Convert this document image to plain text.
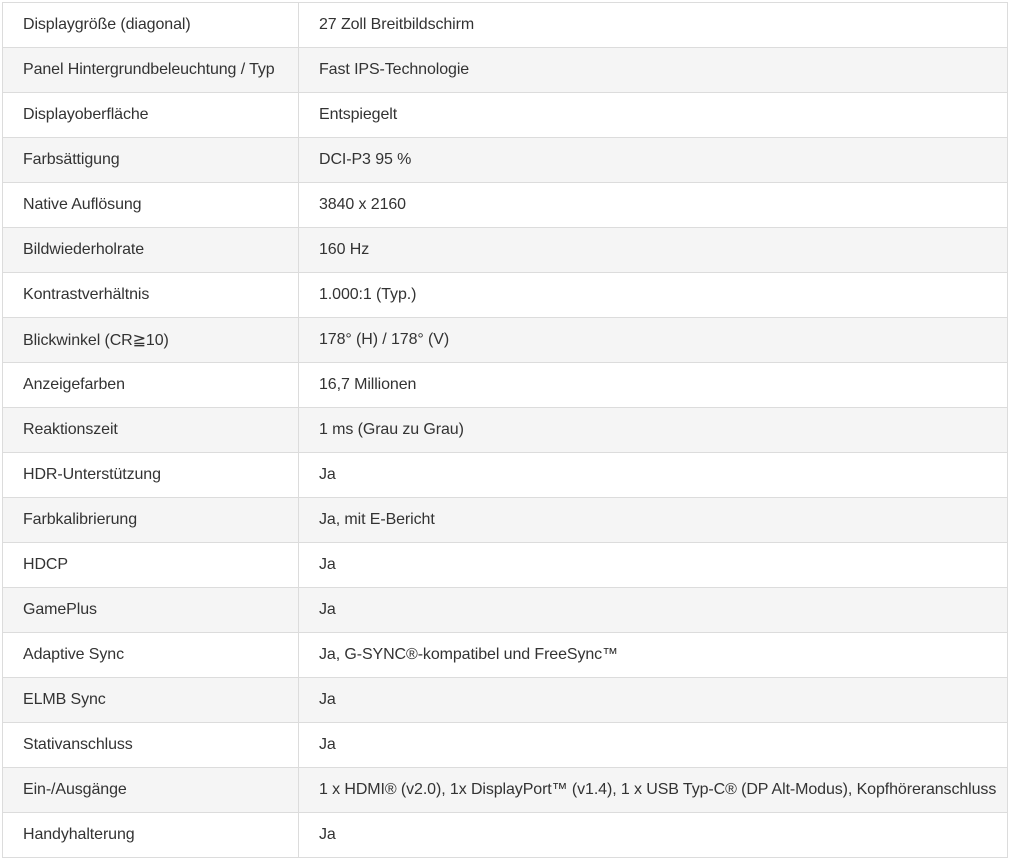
Displaygröße (diagonal)	27 Zoll Breitbildschirm
Panel Hintergrundbeleuchtung / Typ	Fast IPS-Technologie
Displayoberfläche	Entspiegelt
Farbsättigung	DCI-P3 95 %
Native Auflösung	3840 x 2160
Bildwiederholrate	160 Hz
Kontrastverhältnis	1.000:1 (Typ.)
Blickwinkel (CR≧10)	178° (H) / 178° (V)
Anzeigefarben	16,7 Millionen
Reaktionszeit	1 ms (Grau zu Grau)
HDR-Unterstützung	Ja
Farbkalibrierung	Ja, mit E-Bericht
HDCP	Ja
GamePlus	Ja
Adaptive Sync	Ja, G-SYNC®-kompatibel und FreeSync™
ELMB Sync	Ja
Stativanschluss	Ja
Ein-/Ausgänge	1 x HDMI® (v2.0), 1x DisplayPort™ (v1.4), 1 x USB Typ-C® (DP Alt-Modus), Kopfhöreranschluss
Handyhalterung	Ja
